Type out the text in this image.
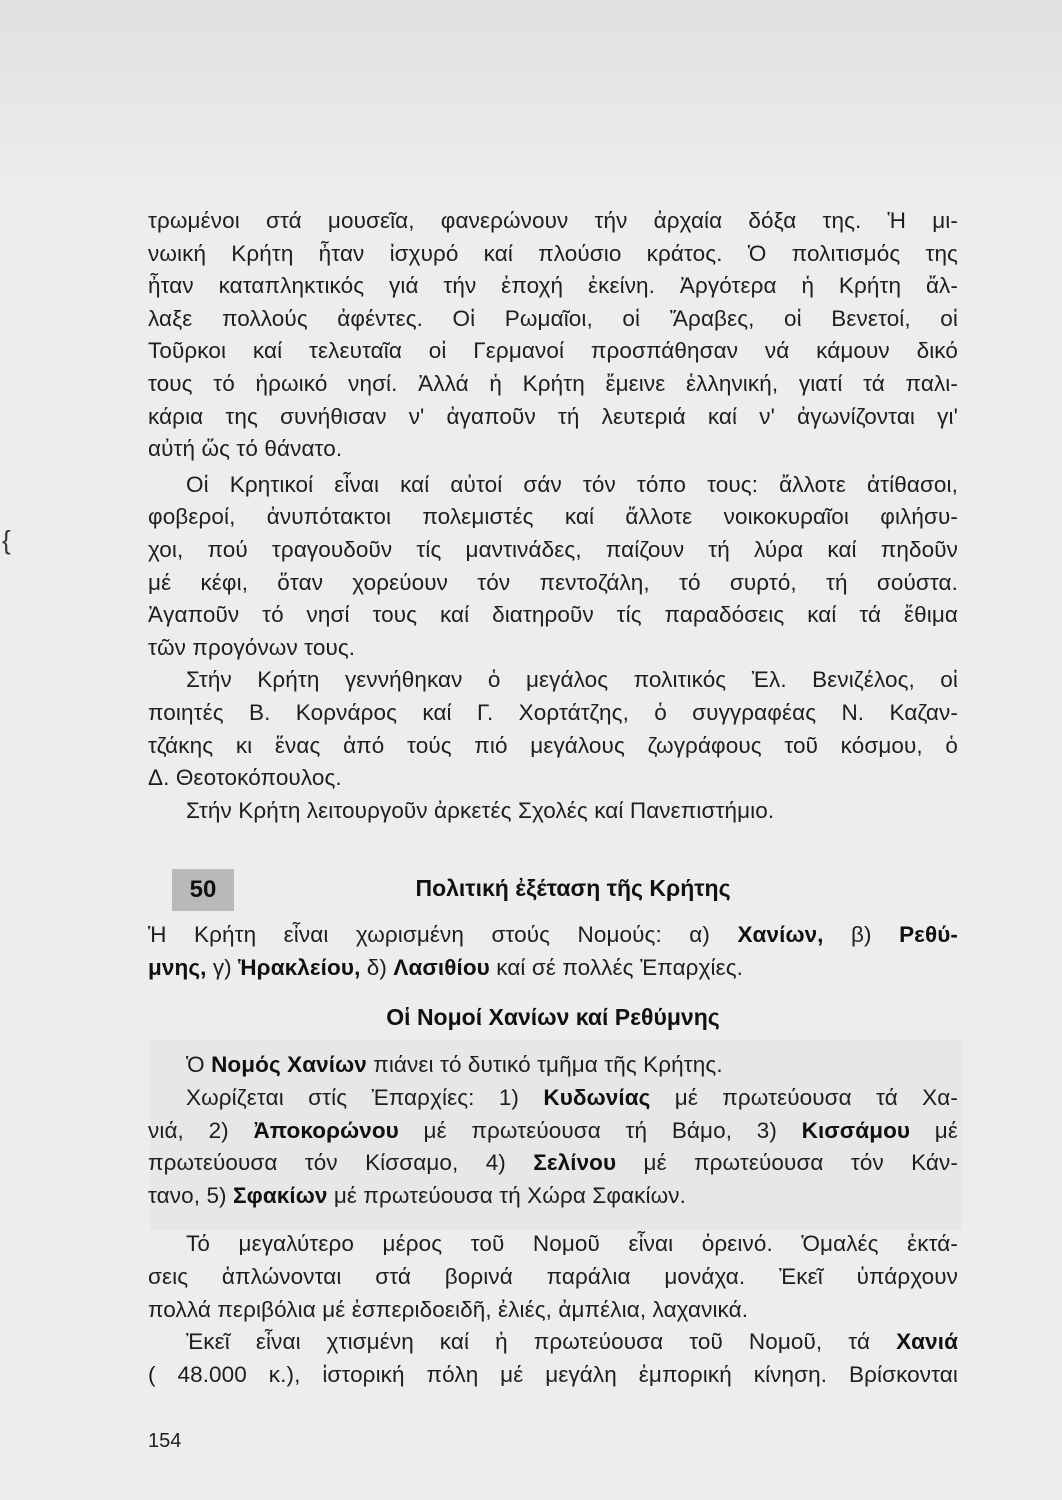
{

τρωμένοι στά μουσεῖα, φανερώνουν τήν ἀρχαία δόξα της. Ἡ μι-
νωική Κρήτη ἦταν ἰσχυρό καί πλούσιο κράτος. Ὁ πολιτισμός της
ἦταν καταπληκτικός γιά τήν ἐποχή ἐκείνη. Ἀργότερα ἡ Κρήτη ἄλ-
λαξε πολλούς ἀφέντες. Οἱ Ρωμαῖοι, οἱ Ἄραβες, οἱ Βενετοί, οἱ
Τοῦρκοι καί τελευταῖα οἱ Γερμανοί προσπάθησαν νά κάμουν δικό
τους τό ἡρωικό νησί. Ἀλλά ἡ Κρήτη ἔμεινε ἑλληνική, γιατί τά παλι-
κάρια της συνήθισαν ν' ἀγαποῦν τή λευτεριά καί ν' ἀγωνίζονται γι'
αὐτή ὥς τό θάνατο.

Οἱ Κρητικοί εἶναι καί αὐτοί σάν τόν τόπο τους: ἄλλοτε ἀτίθασοι,
φοβεροί, ἀνυπότακτοι πολεμιστές καί ἄλλοτε νοικοκυραῖοι φιλήσυ-
χοι, πού τραγουδοῦν τίς μαντινάδες, παίζουν τή λύρα καί πηδοῦν
μέ κέφι, ὅταν χορεύουν τόν πεντοζάλη, τό συρτό, τή σούστα.
Ἀγαποῦν τό νησί τους καί διατηροῦν τίς παραδόσεις καί τά ἔθιμα
τῶν προγόνων τους.

Στήν Κρήτη γεννήθηκαν ὁ μεγάλος πολιτικός Ἐλ. Βενιζέλος, οἱ
ποιητές Β. Κορνάρος καί Γ. Χορτάτζης, ὁ συγγραφέας Ν. Καζαν-
τζάκης κι ἕνας ἀπό τούς πιό μεγάλους ζωγράφους τοῦ κόσμου, ὁ
Δ. Θεοτοκόπουλος.

Στήν Κρήτη λειτουργοῦν ἀρκετές Σχολές καί Πανεπιστήμιο.

50	Πολιτική ἐξέταση τῆς Κρήτης

Ἡ Κρήτη εἶναι χωρισμένη στούς Νομούς: α) Χανίων, β) Ρεθύ-
μνης, γ) Ἡρακλείου, δ) Λασιθίου καί σέ πολλές Ἐπαρχίες.

Οἱ Νομοί Χανίων καί Ρεθύμνης

Ὁ Νομός Χανίων πιάνει τό δυτικό τμῆμα τῆς Κρήτης.

Χωρίζεται στίς Ἐπαρχίες: 1) Κυδωνίας μέ πρωτεύουσα τά Χα-
νιά, 2) Ἀποκορώνου μέ πρωτεύουσα τή Βάμο, 3) Κισσάμου μέ
πρωτεύουσα τόν Κίσσαμο, 4) Σελίνου μέ πρωτεύουσα τόν Κάν-
τανο, 5) Σφακίων μέ πρωτεύουσα τή Χώρα Σφακίων.

Τό μεγαλύτερο μέρος τοῦ Νομοῦ εἶναι ὀρεινό. Ὁμαλές ἐκτά-
σεις ἁπλώνονται στά βορινά παράλια μονάχα. Ἐκεῖ ὑπάρχουν
πολλά περιβόλια μέ ἐσπεριδοειδῆ, ἐλιές, ἀμπέλια, λαχανικά.

Ἐκεῖ εἶναι χτισμένη καί ἡ πρωτεύουσα τοῦ Νομοῦ, τά Χανιά
( 48.000 κ.), ἱστορική πόλη μέ μεγάλη ἐμπορική κίνηση. Βρίσκονται

154
